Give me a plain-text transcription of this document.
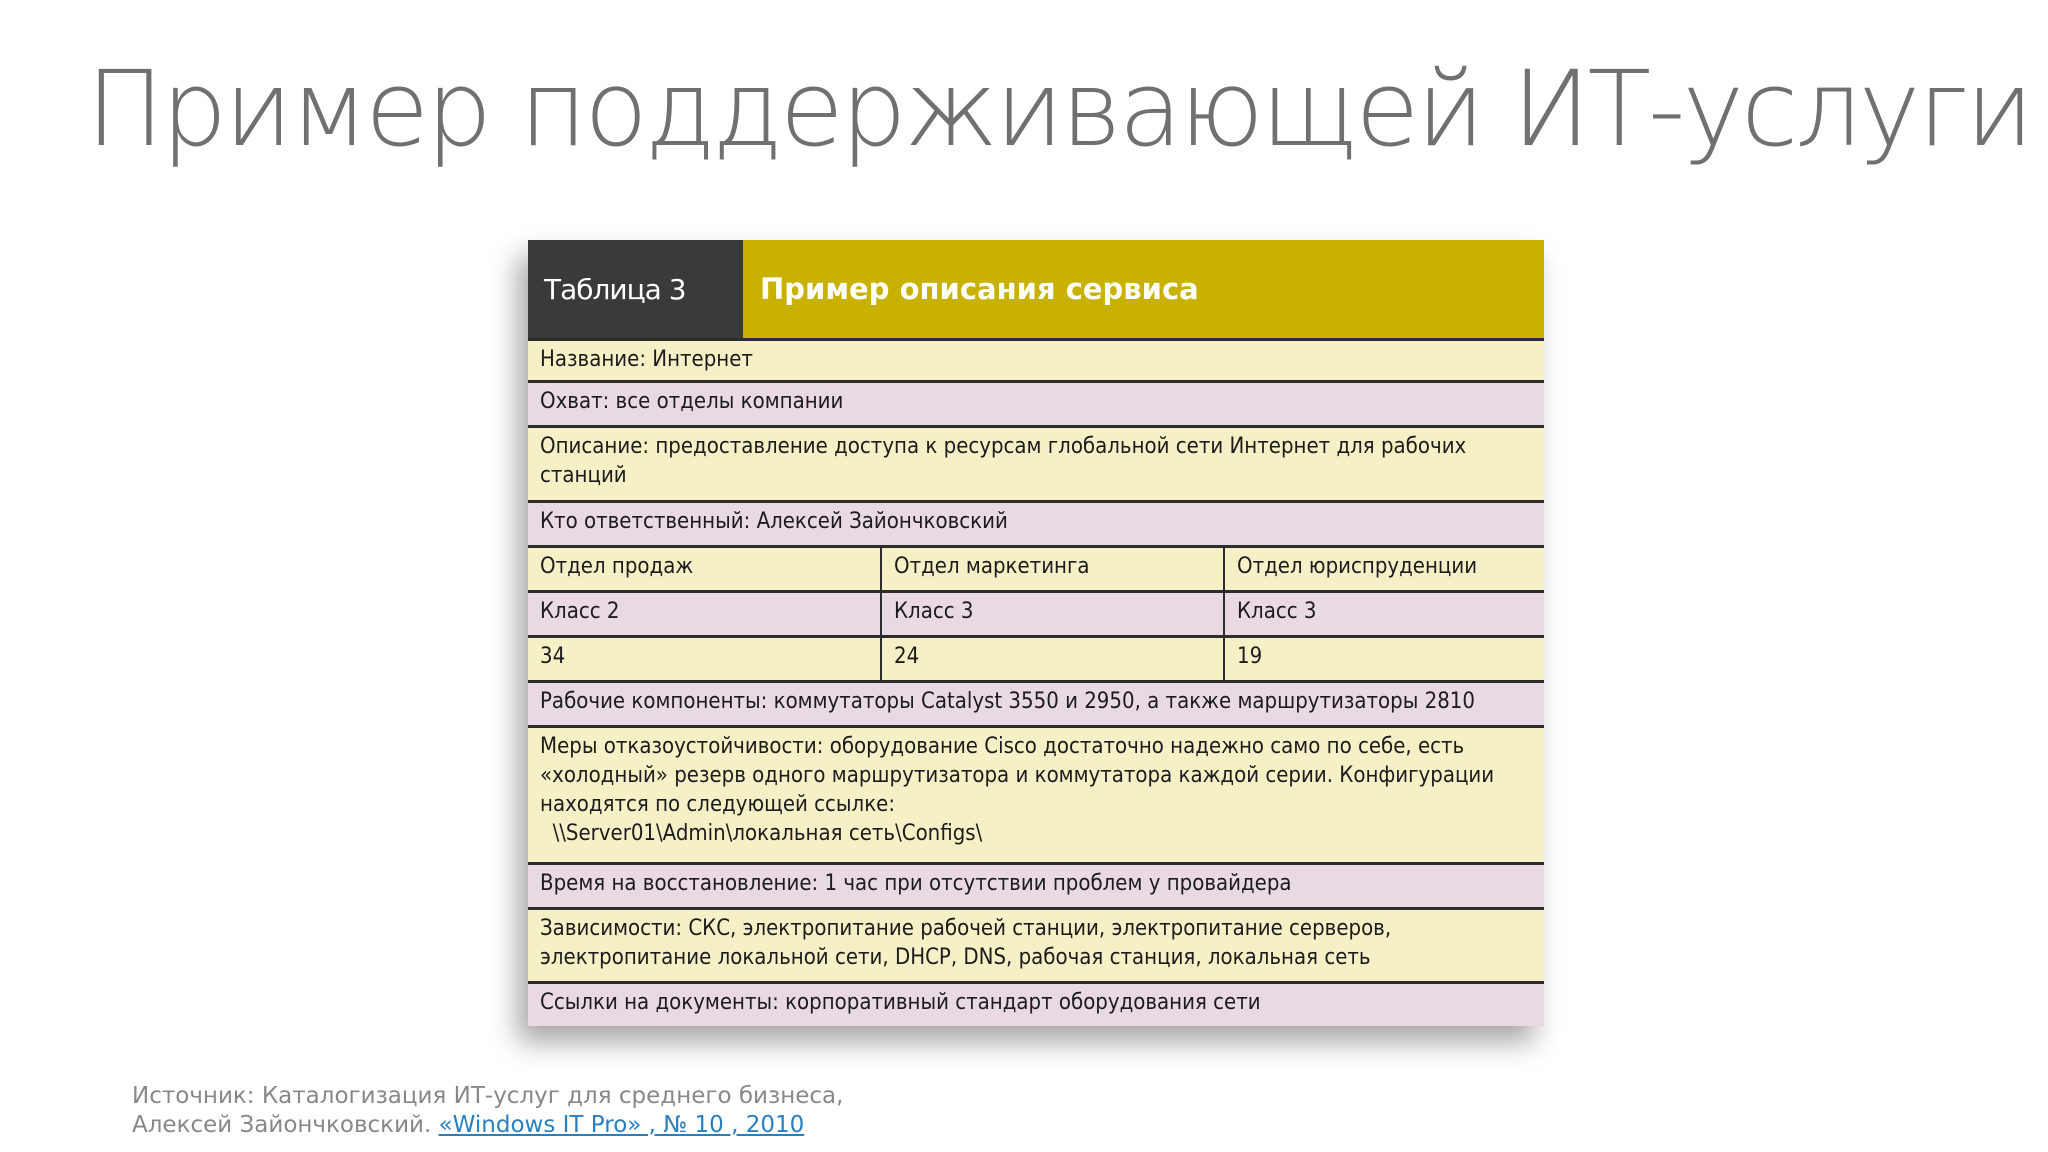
Пример поддерживающей ИТ-услуги
Таблица 3	Пример описания сервиса
Название: Интернет
Охват: все отделы компании
Описание: предоставление доступа к ресурсам глобальной сети Интернет для рабочих станций
Кто ответственный: Алексей Зайончковский
Отдел продаж	Отдел маркетинга	Отдел юриспруденции
Класс 2	Класс 3	Класс 3
34	24	19
Рабочие компоненты: коммутаторы Catalyst 3550 и 2950, а также маршрутизаторы 2810
Меры отказоустойчивости: оборудование Cisco достаточно надежно само по себе, есть «холодный» резерв одного маршрутизатора и коммутатора каждой серии. Конфигурации находятся по следующей ссылке:
\\Server01\Admin\локальная сеть\Configs\
Время на восстановление: 1 час при отсутствии проблем у провайдера
Зависимости: СКС, электропитание рабочей станции, электропитание серверов, электропитание локальной сети, DHCP, DNS, рабочая станция, локальная сеть
Ссылки на документы: корпоративный стандарт оборудования сети
Источник: Каталогизация ИТ-услуг для среднего бизнеса, Алексей Зайончковский. «Windows IT Pro» , № 10 , 2010
